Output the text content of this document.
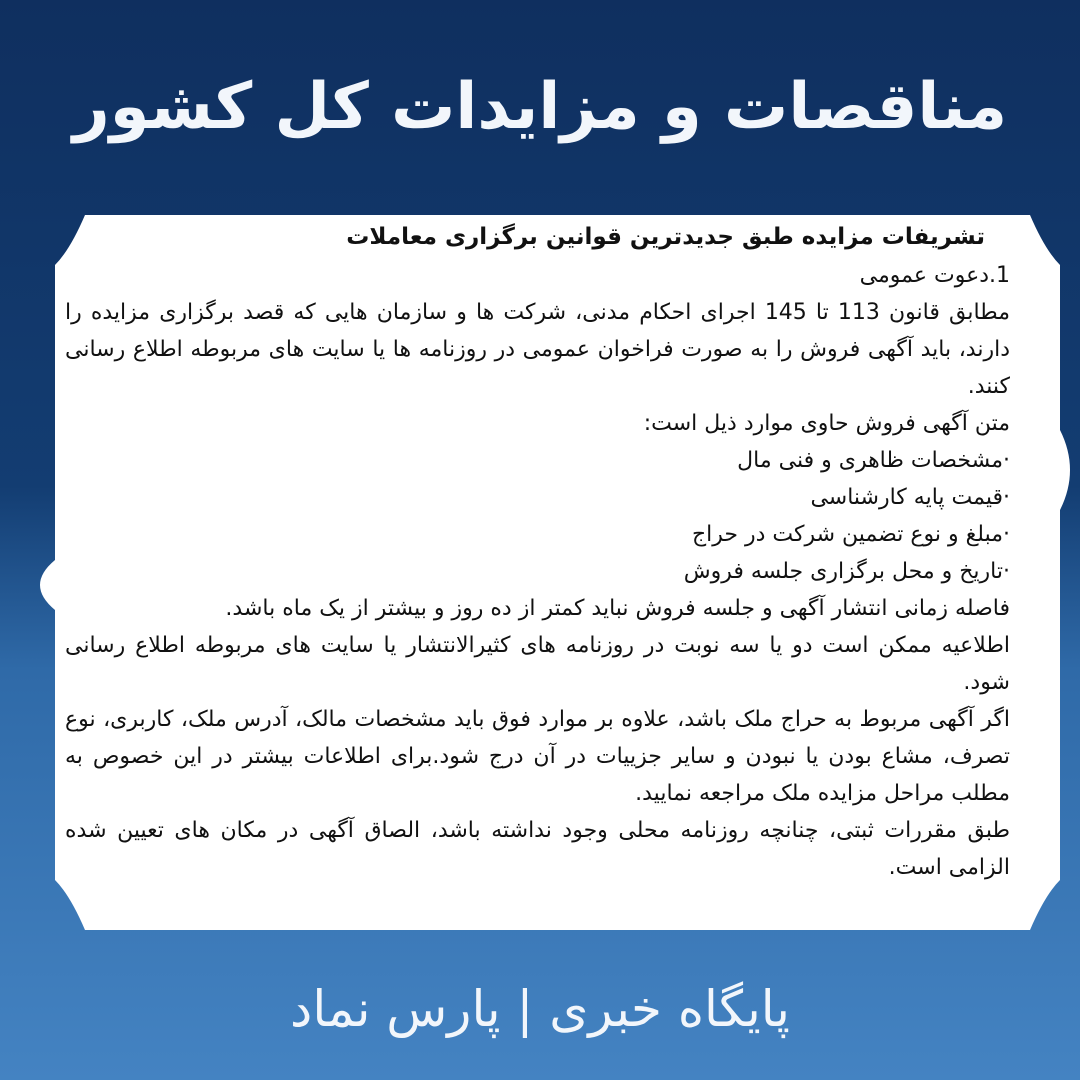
مناقصات و مزایدات کل کشور
تشریفات مزایده طبق جدیدترین قوانین برگزاری معاملات

1.دعوت عمومی

مطابق قانون 113 تا 145 اجرای احکام مدنی، شرکت ها و سازمان هایی که قصد برگزاری مزایده را دارند، باید آگهی فروش را به صورت فراخوان عمومی در روزنامه ها یا سایت های مربوطه اطلاع رسانی کنند.

متن آگهی فروش حاوی موارد ذیل است:

· مشخصات ظاهری و فنی مال

· قیمت پایه کارشناسی

· مبلغ و نوع تضمین شرکت در حراج

· تاریخ و محل برگزاری جلسه فروش

فاصله زمانی انتشار آگهی و جلسه فروش نباید کمتر از ده روز و بیشتر از یک ماه باشد.

اطلاعیه ممکن است دو یا سه نوبت در روزنامه های کثیرالانتشار یا سایت های مربوطه اطلاع رسانی شود.

اگر آگهی مربوط به حراج ملک باشد، علاوه بر موارد فوق باید مشخصات مالک، آدرس ملک، کاربری، نوع تصرف، مشاع بودن یا نبودن و سایر جزییات در آن درج شود.برای اطلاعات بیشتر در این خصوص به مطلب مراحل مزایده ملک مراجعه نمایید.

طبق مقررات ثبتی، چنانچه روزنامه محلی وجود نداشته باشد، الصاق آگهی در مکان های تعیین شده الزامی است.

پایگاه خبری | پارس نماد
